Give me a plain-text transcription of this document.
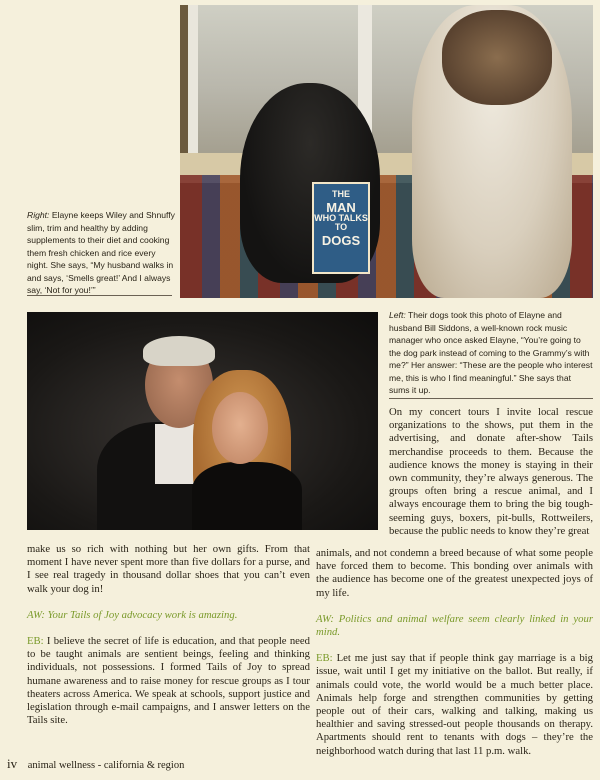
THE
MAN
WHO TALKS
TO
DOGS
Right: Elayne keeps Wiley and Shnuffy slim, trim and healthy by adding supplements to their diet and cooking them fresh chicken and rice every night. She says, “My husband walks in and says, ‘Smells great!’ And I always say, ‘Not for you!’”
Left: Their dogs took this photo of Elayne and husband Bill Siddons, a well-known rock music manager who once asked Elayne, “You’re going to the dog park instead of coming to the Grammy’s with me?” Her answer: “These are the people who interest me, this is who I find meaningful.” She says that sums it up.

On my concert tours I invite local rescue organizations to the shows, put them in the advertising, and donate after-show Tails merchandise proceeds to them. Because the audience knows the money is staying in their own community, they’re always generous. The groups often bring a rescue animal, and I always encourage them to bring the big tough-seeming guys, boxers, pit-bulls, Rottweilers, because the public needs to know they’re great

make us so rich with nothing but her own gifts. From that moment I have never spent more than five dollars for a purse, and I see real tragedy in thousand dollar shoes that you can’t even walk your dog in!

AW: Your Tails of Joy advocacy work is amazing.

EB: I believe the secret of life is education, and that people need to be taught animals are sentient beings, feeling and thinking individuals, not possessions. I formed Tails of Joy to spread humane awareness and to raise money for rescue groups as I tour theaters across America. We speak at schools, support justice and legislation through e-mail campaigns, and I answer letters on the Tails site.

animals, and not condemn a breed because of what some people have forced them to become. This bonding over animals with the audience has become one of the greatest unexpected joys of my life.

AW: Politics and animal welfare seem clearly linked in your mind.

EB: Let me just say that if people think gay marriage is a big issue, wait until I get my initiative on the ballot. But really, if animals could vote, the world would be a much better place. Animals help forge and strengthen communities by getting people out of their cars, walking and talking, making us healthier and saving stressed-out people thousands on therapy. Apartments should rent to tenants with dogs – they’re the neighborhood watch during that last 11 p.m. walk.

iv animal wellness - california & region
